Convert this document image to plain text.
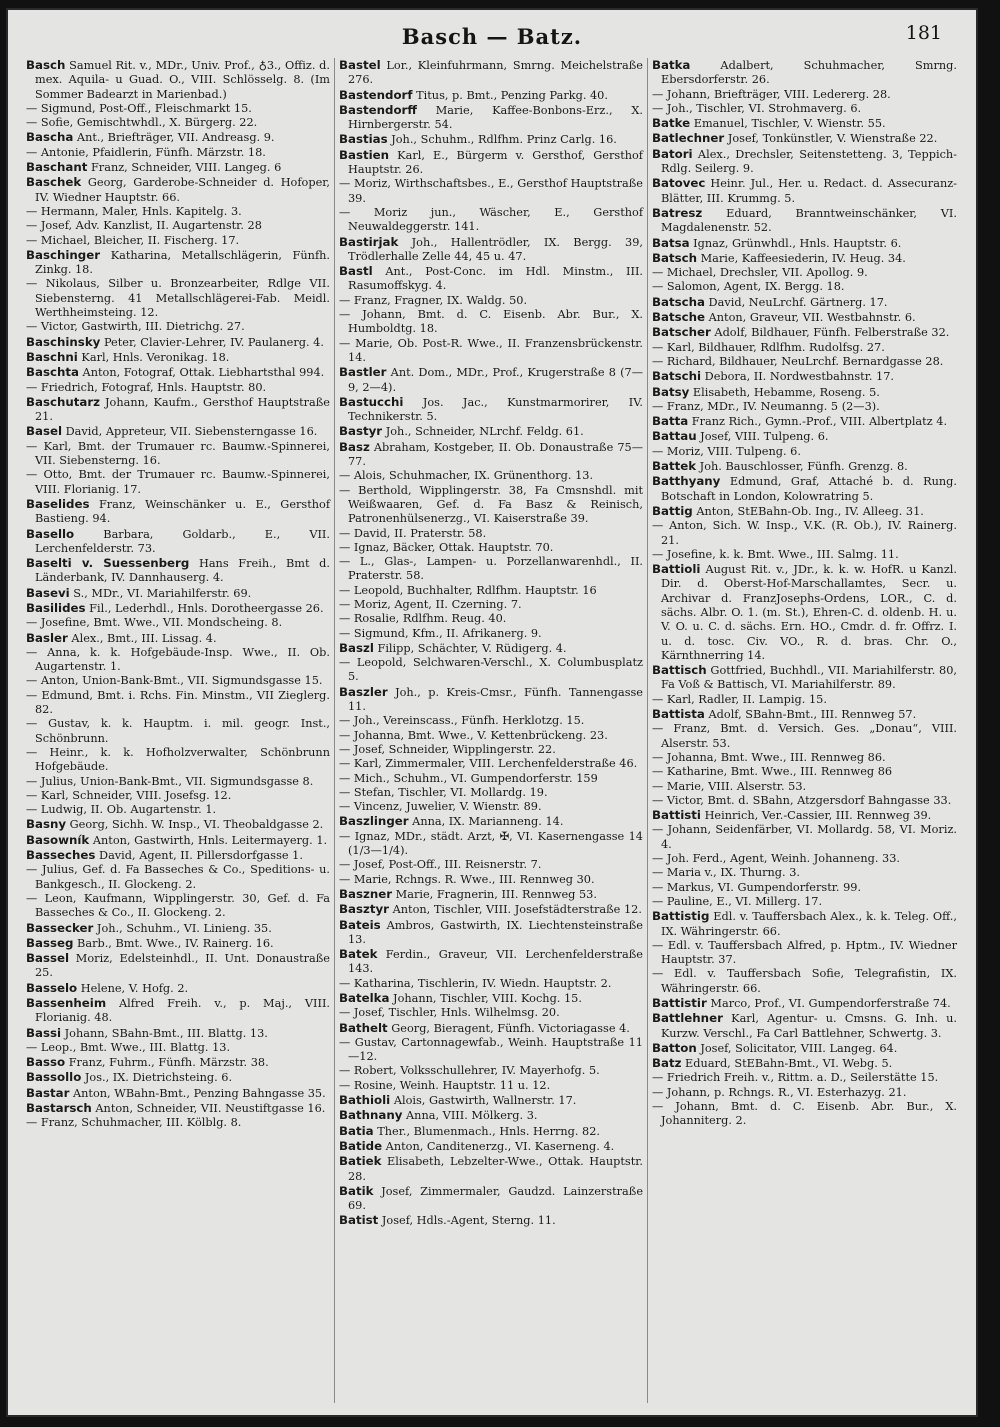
Basch — Batz.	181

Basch Samuel Rit. v., MDr., Univ. Prof., ♁3., Offiz. d. mex. Aquila- u Guad. O., VIII. Schlösselg. 8. (Im Sommer Badearzt in Marienbad.)

— Sigmund, Post-Off., Fleischmarkt 15.

— Sofie, Gemischtwhdl., X. Bürgerg. 22.

Bascha Ant., Briefträger, VII. Andreasg. 9.

— Antonie, Pfaidlerin, Fünfh. Märzstr. 18.

Baschant Franz, Schneider, VIII. Langeg. 6

Baschek Georg, Garderobe-Schneider d. Hofoper, IV. Wiedner Hauptstr. 66.

— Hermann, Maler, Hnls. Kapitelg. 3.

— Josef, Adv. Kanzlist, II. Augartenstr. 28

— Michael, Bleicher, II. Fischerg. 17.

Baschinger Katharina, Metallschlägerin, Fünfh. Zinkg. 18.

— Nikolaus, Silber u. Bronzearbeiter, Rdlge VII. Siebensterng. 41 Metallschlägerei-Fab. Meidl. Werthheimsteing. 12.

— Victor, Gastwirth, III. Dietrichg. 27.

Baschinsky Peter, Clavier-Lehrer, IV. Paulanerg. 4.

Baschni Karl, Hnls. Veronikag. 18.

Baschta Anton, Fotograf, Ottak. Liebhartsthal 994.

— Friedrich, Fotograf, Hnls. Hauptstr. 80.

Baschutarz Johann, Kaufm., Gersthof Hauptstraße 21.

Basel David, Appreteur, VII. Siebensterngasse 16.

— Karl, Bmt. der Trumauer rc. Baumw.-Spinnerei, VII. Siebensterng. 16.

— Otto, Bmt. der Trumauer rc. Baumw.-Spinnerei, VIII. Florianig. 17.

Baselides Franz, Weinschänker u. E., Gersthof Bastieng. 94.

Basello Barbara, Goldarb., E., VII. Lerchenfelderstr. 73.

Baselti v. Suessenberg Hans Freih., Bmt d. Länderbank, IV. Dannhauserg. 4.

Basevi S., MDr., VI. Mariahilferstr. 69.

Basilides Fil., Lederhdl., Hnls. Dorotheergasse 26.

— Josefine, Bmt. Wwe., VII. Mondscheing. 8.

Basler Alex., Bmt., III. Lissag. 4.

— Anna, k. k. Hofgebäude-Insp. Wwe., II. Ob. Augartenstr. 1.

— Anton, Union-Bank-Bmt., VII. Sigmundsgasse 15.

— Edmund, Bmt. i. Rchs. Fin. Minstm., VII Zieglerg. 82.

— Gustav, k. k. Hauptm. i. mil. geogr. Inst., Schönbrunn.

— Heinr., k. k. Hofholzverwalter, Schönbrunn Hofgebäude.

— Julius, Union-Bank-Bmt., VII. Sigmundsgasse 8.

— Karl, Schneider, VIII. Josefsg. 12.

— Ludwig, II. Ob. Augartenstr. 1.

Basny Georg, Sichh. W. Insp., VI. Theobaldgasse 2.

Basowník Anton, Gastwirth, Hnls. Leitermayerg. 1.

Basseches David, Agent, II. Pillersdorfgasse 1.

— Julius, Gef. d. Fa Basseches & Co., Speditions- u. Bankgesch., II. Glockeng. 2.

— Leon, Kaufmann, Wipplingerstr. 30, Gef. d. Fa Basseches & Co., II. Glockeng. 2.

Bassecker Joh., Schuhm., VI. Linieng. 35.

Basseg Barb., Bmt. Wwe., IV. Rainerg. 16.

Bassel Moriz, Edelsteinhdl., II. Unt. Donaustraße 25.

Basselo Helene, V. Hofg. 2.

Bassenheim Alfred Freih. v., p. Maj., VIII. Florianig. 48.

Bassi Johann, SBahn-Bmt., III. Blattg. 13.

— Leop., Bmt. Wwe., III. Blattg. 13.

Basso Franz, Fuhrm., Fünfh. Märzstr. 38.

Bassollo Jos., IX. Dietrichsteing. 6.

Bastar Anton, WBahn-Bmt., Penzing Bahngasse 35.

Bastarsch Anton, Schneider, VII. Neustiftgasse 16.

— Franz, Schuhmacher, III. Kölblg. 8.

Bastel Lor., Kleinfuhrmann, Smrng. Meichelstraße 276.

Bastendorf Titus, p. Bmt., Penzing Parkg. 40.

Bastendorff Marie, Kaffee-Bonbons-Erz., X. Hirnbergerstr. 54.

Bastias Joh., Schuhm., Rdlfhm. Prinz Carlg. 16.

Bastien Karl, E., Bürgerm v. Gersthof, Gersthof Hauptstr. 26.

— Moriz, Wirthschaftsbes., E., Gersthof Hauptstraße 39.

— Moriz jun., Wäscher, E., Gersthof Neuwaldeggerstr. 141.

Bastirjak Joh., Hallentrödler, IX. Bergg. 39, Trödlerhalle Zelle 44, 45 u. 47.

Bastl Ant., Post-Conc. im Hdl. Minstm., III. Rasumoffskyg. 4.

— Franz, Fragner, IX. Waldg. 50.

— Johann, Bmt. d. C. Eisenb. Abr. Bur., X. Humboldtg. 18.

— Marie, Ob. Post-R. Wwe., II. Franzensbrückenstr. 14.

Bastler Ant. Dom., MDr., Prof., Krugerstraße 8 (7—9, 2—4).

Bastucchi Jos. Jac., Kunstmarmorirer, IV. Technikerstr. 5.

Bastyr Joh., Schneider, NLrchf. Feldg. 61.

Basz Abraham, Kostgeber, II. Ob. Donaustraße 75—77.

— Alois, Schuhmacher, IX. Grünenthorg. 13.

— Berthold, Wipplingerstr. 38, Fa Cmsnshdl. mit Weißwaaren, Gef. d. Fa Basz & Reinisch, Patronenhülsenerzg., VI. Kaiserstraße 39.

— David, II. Praterstr. 58.

— Ignaz, Bäcker, Ottak. Hauptstr. 70.

— L., Glas-, Lampen- u. Porzellanwarenhdl., II. Praterstr. 58.

— Leopold, Buchhalter, Rdlfhm. Hauptstr. 16

— Moriz, Agent, II. Czerning. 7.

— Rosalie, Rdlfhm. Reug. 40.

— Sigmund, Kfm., II. Afrikanerg. 9.

Baszl Filipp, Schächter, V. Rüdigerg. 4.

— Leopold, Selchwaren-Verschl., X. Columbusplatz 5.

Baszler Joh., p. Kreis-Cmsr., Fünfh. Tannengasse 11.

— Joh., Vereinscass., Fünfh. Herklotzg. 15.

— Johanna, Bmt. Wwe., V. Kettenbrückeng. 23.

— Josef, Schneider, Wipplingerstr. 22.

— Karl, Zimmermaler, VIII. Lerchenfelderstraße 46.

— Mich., Schuhm., VI. Gumpendorferstr. 159

— Stefan, Tischler, VI. Mollardg. 19.

— Vincenz, Juwelier, V. Wienstr. 89.

Baszlinger Anna, IX. Marianneng. 14.

— Ignaz, MDr., städt. Arzt, ✠, VI. Kasernengasse 14 (1/3—1/4).

— Josef, Post-Off., III. Reisnerstr. 7.

— Marie, Rchngs. R. Wwe., III. Rennweg 30.

Baszner Marie, Fragnerin, III. Rennweg 53.

Basztyr Anton, Tischler, VIII. Josefstädterstraße 12.

Bateis Ambros, Gastwirth, IX. Liechtensteinstraße 13.

Batek Ferdin., Graveur, VII. Lerchenfelderstraße 143.

— Katharina, Tischlerin, IV. Wiedn. Hauptstr. 2.

Batelka Johann, Tischler, VIII. Kochg. 15.

— Josef, Tischler, Hnls. Wilhelmsg. 20.

Bathelt Georg, Bieragent, Fünfh. Victoriagasse 4.

— Gustav, Cartonnagewfab., Weinh. Hauptstraße 11—12.

— Robert, Volksschullehrer, IV. Mayerhofg. 5.

— Rosine, Weinh. Hauptstr. 11 u. 12.

Bathioli Alois, Gastwirth, Wallnerstr. 17.

Bathnany Anna, VIII. Mölkerg. 3.

Batia Ther., Blumenmach., Hnls. Herrng. 82.

Batide Anton, Canditenerzg., VI. Kaserneng. 4.

Batiek Elisabeth, Lebzelter-Wwe., Ottak. Hauptstr. 28.

Batik Josef, Zimmermaler, Gaudzd. Lainzerstraße 69.

Batist Josef, Hdls.-Agent, Sterng. 11.

Batka Adalbert, Schuhmacher, Smrng. Ebersdorferstr. 26.

— Johann, Briefträger, VIII. Ledererg. 28.

— Joh., Tischler, VI. Strohmaverg. 6.

Batke Emanuel, Tischler, V. Wienstr. 55.

Batlechner Josef, Tonkünstler, V. Wienstraße 22.

Batori Alex., Drechsler, Seitenstetteng. 3, Teppich-Rdlg. Seilerg. 9.

Batovec Heinr. Jul., Her. u. Redact. d. Assecuranz-Blätter, III. Krummg. 5.

Batresz Eduard, Branntweinschänker, VI. Magdalenenstr. 52.

Batsa Ignaz, Grünwhdl., Hnls. Hauptstr. 6.

Batsch Marie, Kaffeesiederin, IV. Heug. 34.

— Michael, Drechsler, VII. Apollog. 9.

— Salomon, Agent, IX. Bergg. 18.

Batscha David, NeuLrchf. Gärtnerg. 17.

Batsche Anton, Graveur, VII. Westbahnstr. 6.

Batscher Adolf, Bildhauer, Fünfh. Felberstraße 32.

— Karl, Bildhauer, Rdlfhm. Rudolfsg. 27.

— Richard, Bildhauer, NeuLrchf. Bernardgasse 28.

Batschi Debora, II. Nordwestbahnstr. 17.

Batsy Elisabeth, Hebamme, Roseng. 5.

— Franz, MDr., IV. Neumanng. 5 (2—3).

Batta Franz Rich., Gymn.-Prof., VIII. Albertplatz 4.

Battau Josef, VIII. Tulpeng. 6.

— Moriz, VIII. Tulpeng. 6.

Battek Joh. Bauschlosser, Fünfh. Grenzg. 8.

Batthyany Edmund, Graf, Attaché b. d. Rung. Botschaft in London, Kolowratring 5.

Battig Anton, StEBahn-Ob. Ing., IV. Alleeg. 31.

— Anton, Sich. W. Insp., V.K. (R. Ob.), IV. Rainerg. 21.

— Josefine, k. k. Bmt. Wwe., III. Salmg. 11.

Battioli August Rit. v., JDr., k. k. w. HofR. u Kanzl. Dir. d. Oberst-Hof-Marschallamtes, Secr. u. Archivar d. FranzJosephs-Ordens, LOR., C. d. sächs. Albr. O. 1. (m. St.), Ehren-C. d. oldenb. H. u. V. O. u. C. d. sächs. Ern. HO., Cmdr. d. fr. Offrz. I. u. d. tosc. Civ. VO., R. d. bras. Chr. O., Kärnthnerring 14.

Battisch Gottfried, Buchhdl., VII. Mariahilferstr. 80, Fa Voß & Battisch, VI. Mariahilferstr. 89.

— Karl, Radler, II. Lampig. 15.

Battista Adolf, SBahn-Bmt., III. Rennweg 57.

— Franz, Bmt. d. Versich. Ges. „Donau“, VIII. Alserstr. 53.

— Johanna, Bmt. Wwe., III. Rennweg 86.

— Katharine, Bmt. Wwe., III. Rennweg 86

— Marie, VIII. Alserstr. 53.

— Victor, Bmt. d. SBahn, Atzgersdorf Bahngasse 33.

Battisti Heinrich, Ver.-Cassier, III. Rennweg 39.

— Johann, Seidenfärber, VI. Mollardg. 58, VI. Moriz. 4.

— Joh. Ferd., Agent, Weinh. Johanneng. 33.

— Maria v., IX. Thurng. 3.

— Markus, VI. Gumpendorferstr. 99.

— Pauline, E., VI. Millerg. 17.

Battistig Edl. v. Tauffersbach Alex., k. k. Teleg. Off., IX. Währingerstr. 66.

— Edl. v. Tauffersbach Alfred, p. Hptm., IV. Wiedner Hauptstr. 37.

— Edl. v. Tauffersbach Sofie, Telegrafistin, IX. Währingerstr. 66.

Battistir Marco, Prof., VI. Gumpendorferstraße 74.

Battlehner Karl, Agentur- u. Cmsns. G. Inh. u. Kurzw. Verschl., Fa Carl Battlehner, Schwertg. 3.

Batton Josef, Solicitator, VIII. Langeg. 64.

Batz Eduard, StEBahn-Bmt., VI. Webg. 5.

— Friedrich Freih. v., Rittm. a. D., Seilerstätte 15.

— Johann, p. Rchngs. R., VI. Esterhazyg. 21.

— Johann, Bmt. d. C. Eisenb. Abr. Bur., X. Johanniterg. 2.
